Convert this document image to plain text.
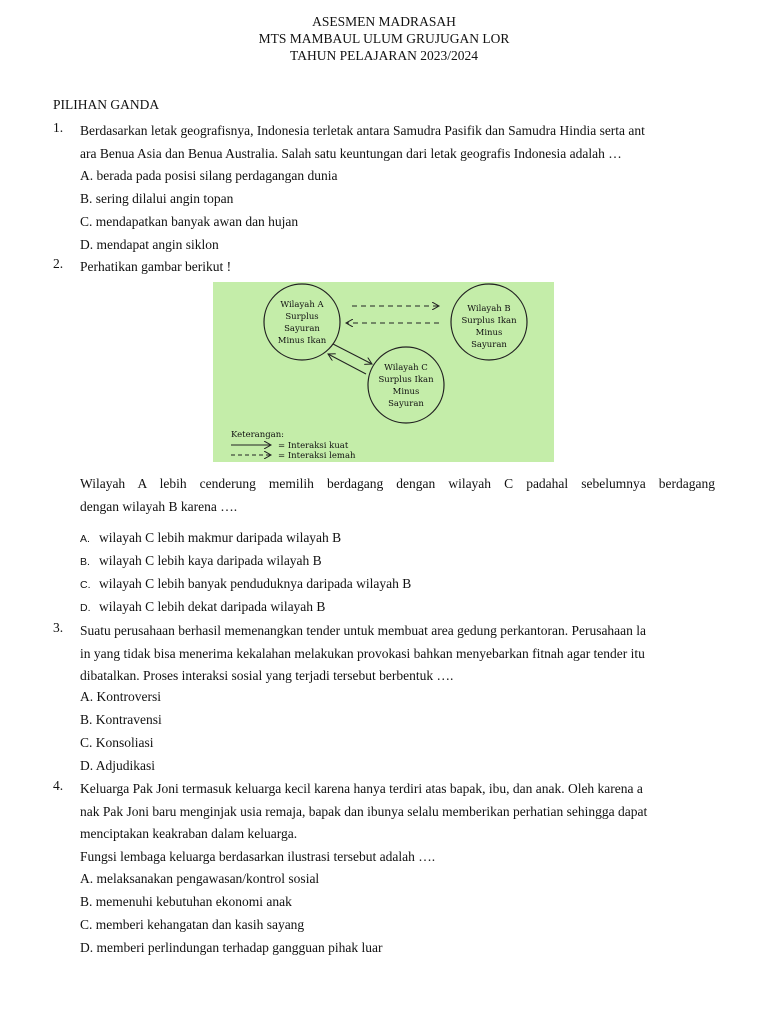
ASESMEN MADRASAH
MTS MAMBAUL ULUM GRUJUGAN LOR
TAHUN PELAJARAN 2023/2024
PILIHAN GANDA
1. Berdasarkan letak geografisnya, Indonesia terletak antara Samudra Pasifik dan Samudra Hindia serta ant

ara Benua Asia dan Benua Australia. Salah satu keuntungan dari letak geografis Indonesia adalah …

A. berada pada posisi silang perdagangan dunia
B. sering dilalui angin topan
C. mendapatkan banyak awan dan hujan
D. mendapat angin siklon
2. Perhatikan gambar berikut !

Wilayah A
Surplus
Sayuran
Minus Ikan
Wilayah B
Surplus Ikan
Minus
Sayuran
Wilayah C
Surplus Ikan
Minus
Sayuran
Keterangan:
= Interaksi kuat
= Interaksi lemah

Wilayah A lebih cenderung memilih berdagang dengan wilayah C padahal sebelumnya berdagang

dengan wilayah B karena ….

A. wilayah C lebih makmur daripada wilayah B
B. wilayah C lebih kaya daripada wilayah B
C. wilayah C lebih banyak penduduknya daripada wilayah B
D. wilayah C lebih dekat daripada wilayah B
3. Suatu perusahaan berhasil memenangkan tender untuk membuat area gedung perkantoran. Perusahaan la

in yang tidak bisa menerima kekalahan melakukan provokasi bahkan menyebarkan fitnah agar tender itu

dibatalkan. Proses interaksi sosial yang terjadi tersebut berbentuk ….

A. Kontroversi
B. Kontravensi
C. Konsoliasi
D. Adjudikasi
4. Keluarga Pak Joni termasuk keluarga kecil karena hanya terdiri atas bapak, ibu, dan anak. Oleh karena a

nak Pak Joni baru menginjak usia remaja, bapak dan ibunya selalu memberikan perhatian sehingga dapat

menciptakan keakraban dalam keluarga.

Fungsi lembaga keluarga berdasarkan ilustrasi tersebut adalah ….

A. melaksanakan pengawasan/kontrol sosial
B. memenuhi kebutuhan ekonomi anak
C. memberi kehangatan dan kasih sayang
D. memberi perlindungan terhadap gangguan pihak luar
